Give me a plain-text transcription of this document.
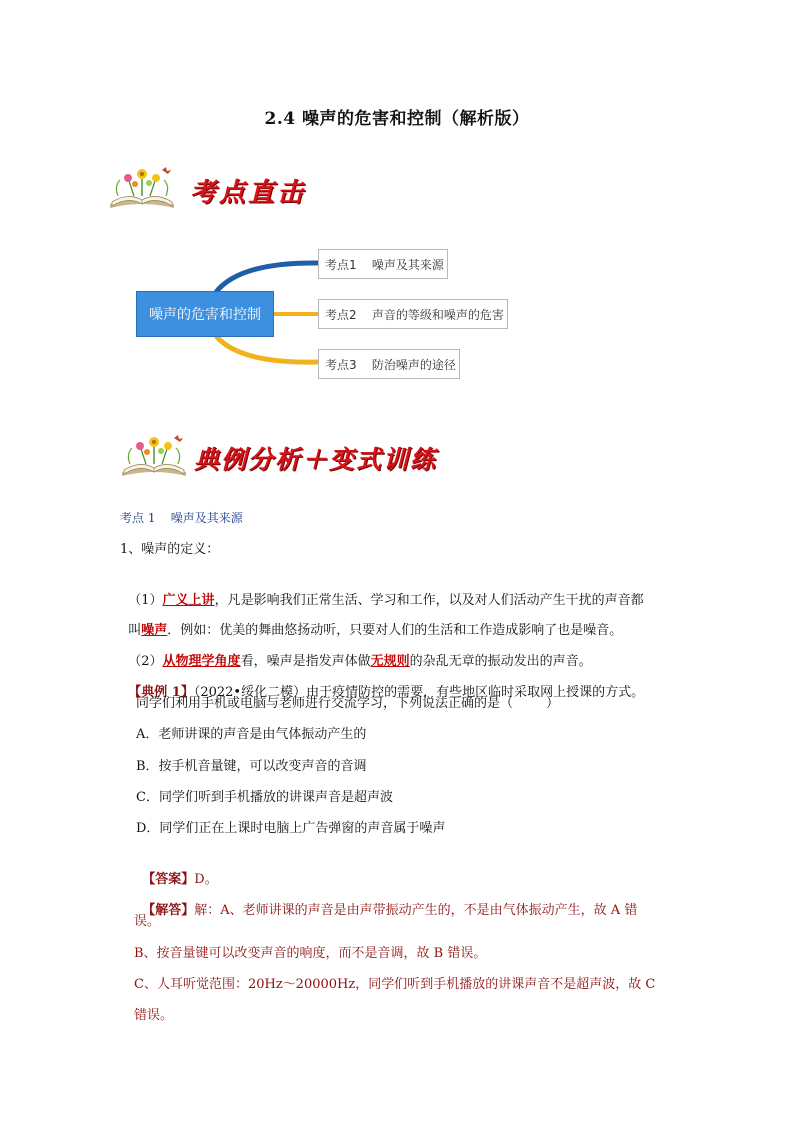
2.4 噪声的危害和控制（解析版）
考点直击
噪声的危害和控制
考点1    噪声及其来源
考点2    声音的等级和噪声的危害
考点3    防治噪声的途径
典例分析＋变式训练
考点 1    噪声及其来源
1、噪声的定义：

（1）广义上讲，凡是影响我们正常生活、学习和工作，以及对人们活动产生干扰的声音都

叫噪声．例如：优美的舞曲悠扬动听，只要对人们的生活和工作造成影响了也是噪音。

（2）从物理学角度看，噪声是指发声体做无规则的杂乱无章的振动发出的声音。

【典例 1】（2022•绥化二模）由于疫情防控的需要，有些地区临时采取网上授课的方式。

同学们利用手机或电脑与老师进行交流学习，下列说法正确的是（        ）
A．老师讲课的声音是由气体振动产生的
B．按手机音量键，可以改变声音的音调
C．同学们听到手机播放的讲课声音是超声波
D．同学们正在上课时电脑上广告弹窗的声音属于噪声

【答案】D。

【解答】解：A、老师讲课的声音是由声带振动产生的，不是由气体振动产生，故 A 错

误。
B、按音量键可以改变声音的响度，而不是音调，故 B 错误。
C、人耳听觉范围：20Hz～20000Hz，同学们听到手机播放的讲课声音不是超声波，故 C
错误。
